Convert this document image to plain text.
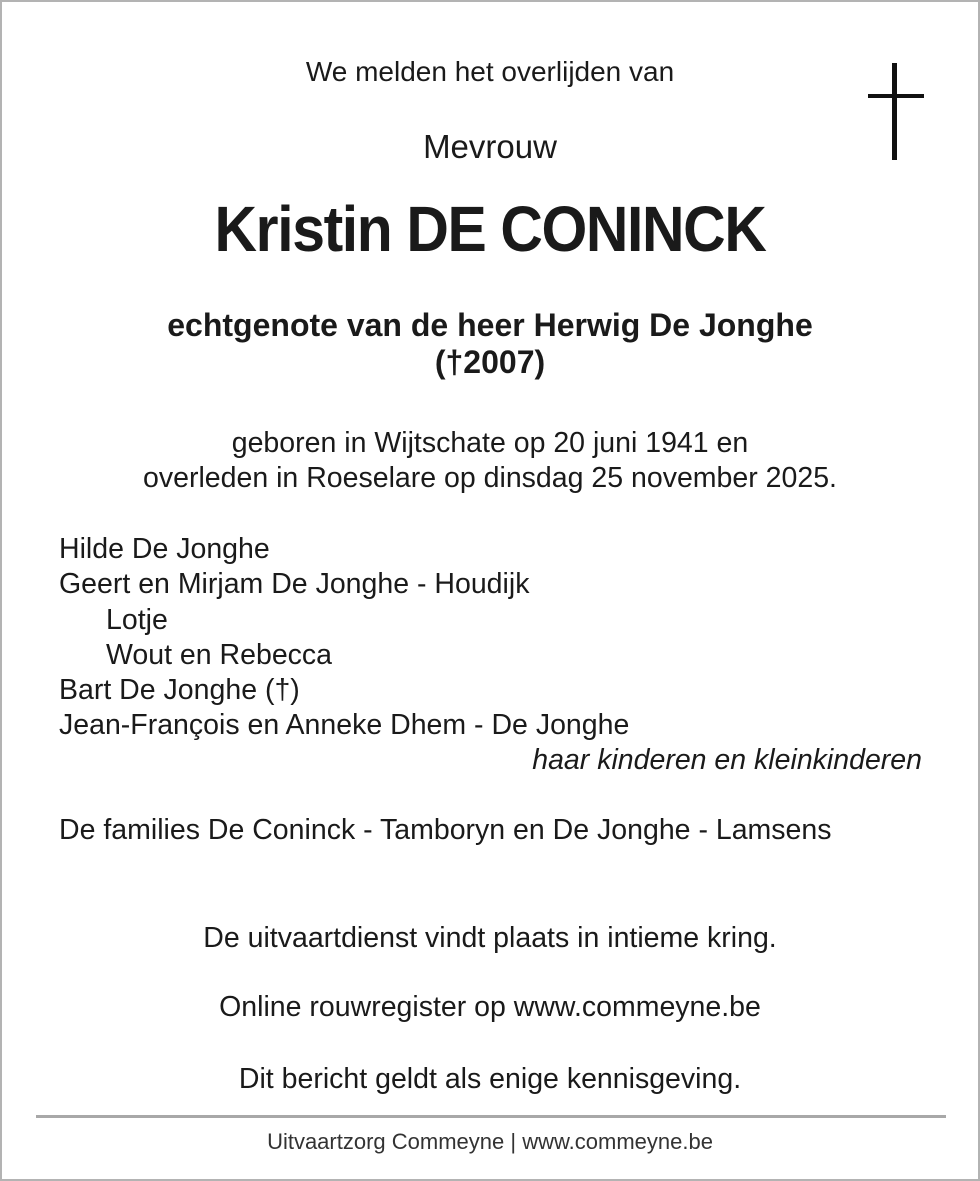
We melden het overlijden van
Mevrouw
Kristin DE CONINCK
echtgenote van de heer Herwig De Jonghe
(†2007)
geboren in Wijtschate op 20 juni 1941 en
overleden in Roeselare op dinsdag 25 november 2025.
Hilde De Jonghe
Geert en Mirjam De Jonghe - Houdijk
Lotje
Wout en Rebecca
Bart De Jonghe (†)
Jean-François en Anneke Dhem - De Jonghe
haar kinderen en kleinkinderen
De families De Coninck - Tamboryn en De Jonghe - Lamsens
De uitvaartdienst vindt plaats in intieme kring.
Online rouwregister op www.commeyne.be
Dit bericht geldt als enige kennisgeving.
Uitvaartzorg Commeyne | www.commeyne.be
